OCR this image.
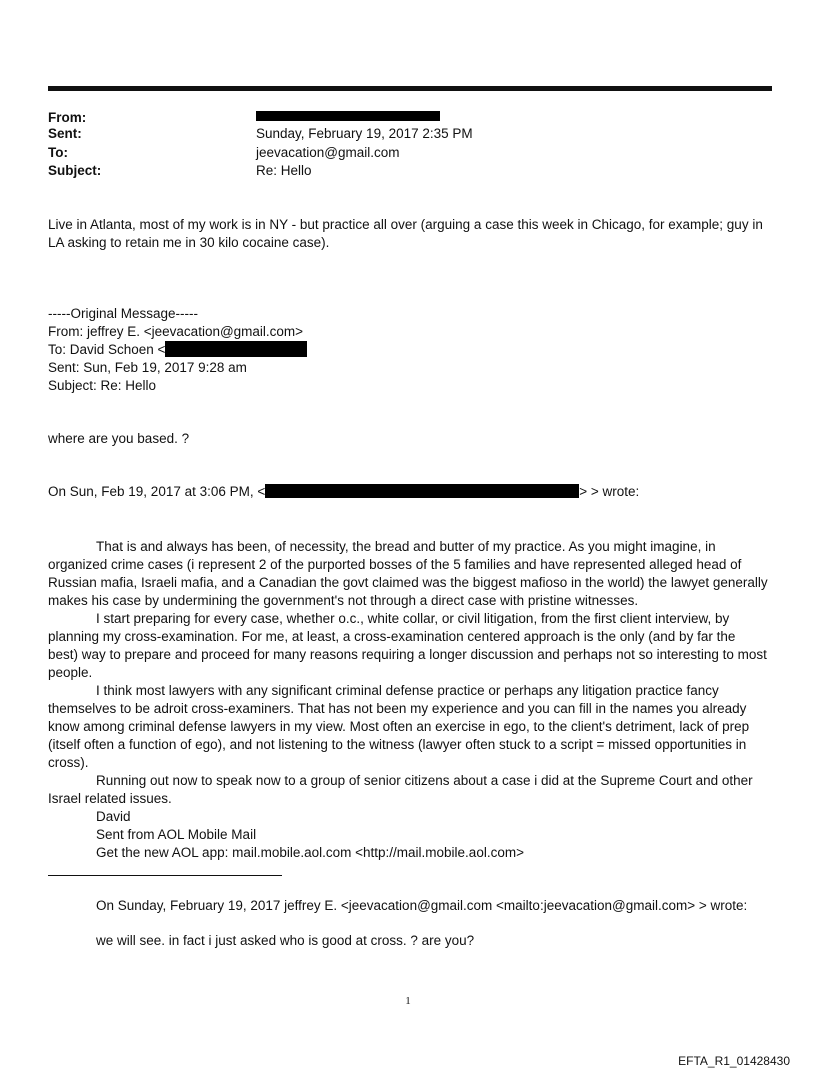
From:
Sent:	Sunday, February 19, 2017 2:35 PM
To:	jeevacation@gmail.com
Subject:	Re: Hello
Live in Atlanta, most of my work is in NY - but practice all over (arguing a case this week in Chicago, for example; guy in
LA asking to retain me in 30 kilo cocaine case).
-----Original Message-----
From: jeffrey E. <jeevacation@gmail.com>
To: David Schoen <
Sent: Sun, Feb 19, 2017 9:28 am
Subject: Re: Hello
where are you based. ?
On Sun, Feb 19, 2017 at 3:06 PM, <	> > wrote:
That is and always has been, of necessity, the bread and butter of my practice. As you might imagine, in
organized crime cases (i represent 2 of the purported bosses of the 5 families and have represented alleged head of
Russian mafia, Israeli mafia, and a Canadian the govt claimed was the biggest mafioso in the world) the lawyet generally
makes his case by undermining the government's not through a direct case with pristine witnesses.
I start preparing for every case, whether o.c., white collar, or civil litigation, from the first client interview, by
planning my cross-examination. For me, at least, a cross-examination centered approach is the only (and by far the
best) way to prepare and proceed for many reasons requiring a longer discussion and perhaps not so interesting to most
people.
I think most lawyers with any significant criminal defense practice or perhaps any litigation practice fancy
themselves to be adroit cross-examiners. That has not been my experience and you can fill in the names you already
know among criminal defense lawyers in my view. Most often an exercise in ego, to the client's detriment, lack of prep
(itself often a function of ego), and not listening to the witness (lawyer often stuck to a script = missed opportunities in
cross).
Running out now to speak now to a group of senior citizens about a case i did at the Supreme Court and other
Israel related issues.
David
Sent from AOL Mobile Mail
Get the new AOL app: mail.mobile.aol.com <http://mail.mobile.aol.com>
On Sunday, February 19, 2017 jeffrey E. <jeevacation@gmail.com <mailto:jeevacation@gmail.com> > wrote:
we will see. in fact i just asked who is good at cross. ? are you?
1
EFTA_R1_01428430
